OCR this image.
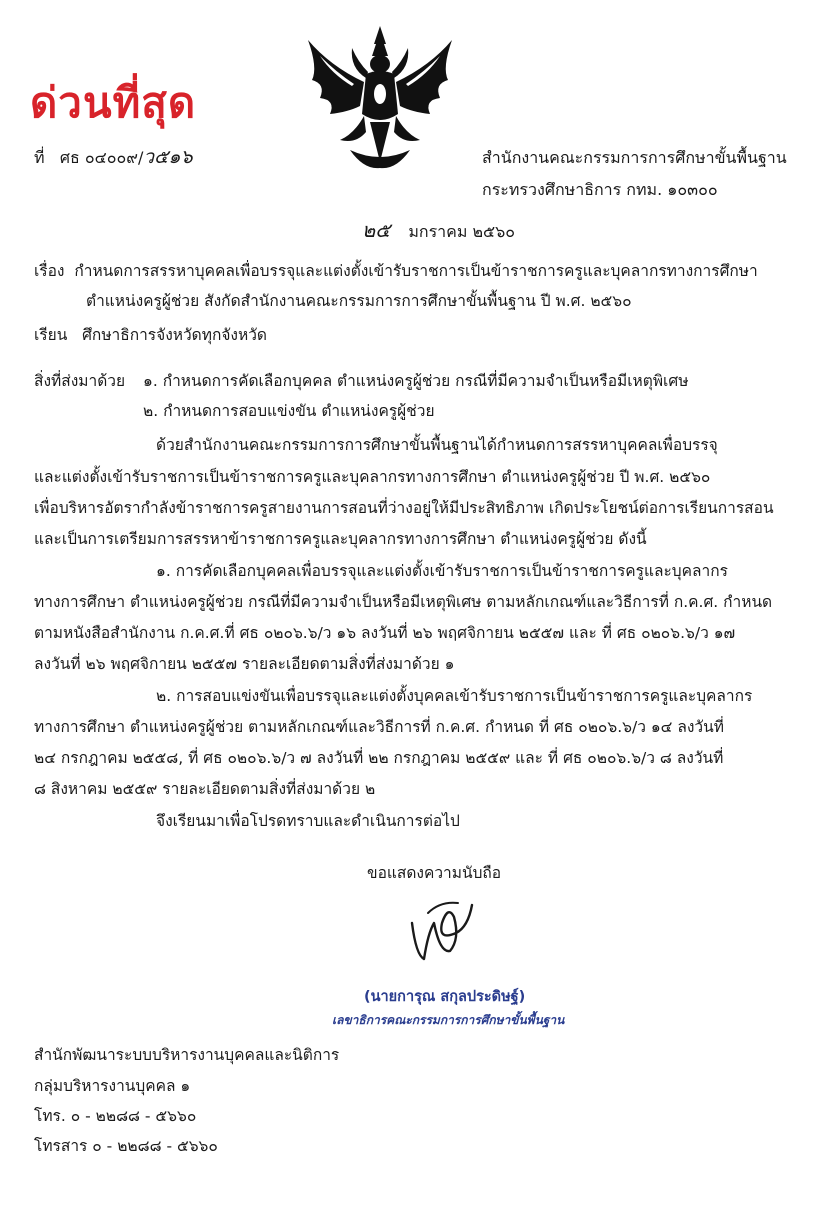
ด่วนที่สุด
ที่ ศธ ๐๔๐๐๙/ว๕๑๖	สำนักงานคณะกรรมการการศึกษาขั้นพื้นฐาน
กระทรวงศึกษาธิการ กทม. ๑๐๓๐๐
๒๕ มกราคม ๒๕๖๐
เรื่อง กำหนดการสรรหาบุคคลเพื่อบรรจุและแต่งตั้งเข้ารับราชการเป็นข้าราชการครูและบุคลากรทางการศึกษา
ตำแหน่งครูผู้ช่วย สังกัดสำนักงานคณะกรรมการการศึกษาขั้นพื้นฐาน ปี พ.ศ. ๒๕๖๐
เรียน ศึกษาธิการจังหวัดทุกจังหวัด
สิ่งที่ส่งมาด้วย ๑. กำหนดการคัดเลือกบุคคล ตำแหน่งครูผู้ช่วย กรณีที่มีความจำเป็นหรือมีเหตุพิเศษ
๒. กำหนดการสอบแข่งขัน ตำแหน่งครูผู้ช่วย
ด้วยสำนักงานคณะกรรมการการศึกษาขั้นพื้นฐานได้กำหนดการสรรหาบุคคลเพื่อบรรจุ
และแต่งตั้งเข้ารับราชการเป็นข้าราชการครูและบุคลากรทางการศึกษา ตำแหน่งครูผู้ช่วย ปี พ.ศ. ๒๕๖๐
เพื่อบริหารอัตรากำลังข้าราชการครูสายงานการสอนที่ว่างอยู่ให้มีประสิทธิภาพ เกิดประโยชน์ต่อการเรียนการสอน
และเป็นการเตรียมการสรรหาข้าราชการครูและบุคลากรทางการศึกษา ตำแหน่งครูผู้ช่วย ดังนี้
๑. การคัดเลือกบุคคลเพื่อบรรจุและแต่งตั้งเข้ารับราชการเป็นข้าราชการครูและบุคลากร
ทางการศึกษา ตำแหน่งครูผู้ช่วย กรณีที่มีความจำเป็นหรือมีเหตุพิเศษ ตามหลักเกณฑ์และวิธีการที่ ก.ค.ศ. กำหนด
ตามหนังสือสำนักงาน ก.ค.ศ.ที่ ศธ ๐๒๐๖.๖/ว ๑๖ ลงวันที่ ๒๖ พฤศจิกายน ๒๕๕๗ และ ที่ ศธ ๐๒๐๖.๖/ว ๑๗
ลงวันที่ ๒๖ พฤศจิกายน ๒๕๕๗ รายละเอียดตามสิ่งที่ส่งมาด้วย ๑
๒. การสอบแข่งขันเพื่อบรรจุและแต่งตั้งบุคคลเข้ารับราชการเป็นข้าราชการครูและบุคลากร
ทางการศึกษา ตำแหน่งครูผู้ช่วย ตามหลักเกณฑ์และวิธีการที่ ก.ค.ศ. กำหนด ที่ ศธ ๐๒๐๖.๖/ว ๑๔ ลงวันที่
๒๔ กรกฎาคม ๒๕๕๘, ที่ ศธ ๐๒๐๖.๖/ว ๗ ลงวันที่ ๒๒ กรกฎาคม ๒๕๕๙ และ ที่ ศธ ๐๒๐๖.๖/ว ๘ ลงวันที่
๘ สิงหาคม ๒๕๕๙ รายละเอียดตามสิ่งที่ส่งมาด้วย ๒
จึงเรียนมาเพื่อโปรดทราบและดำเนินการต่อไป
ขอแสดงความนับถือ
(นายการุณ สกุลประดิษฐ์)
เลขาธิการคณะกรรมการการศึกษาขั้นพื้นฐาน
สำนักพัฒนาระบบบริหารงานบุคคลและนิติการ
กลุ่มบริหารงานบุคคล ๑
โทร. ๐ - ๒๒๘๘ - ๕๖๖๐
โทรสาร ๐ - ๒๒๘๘ - ๕๖๖๐
